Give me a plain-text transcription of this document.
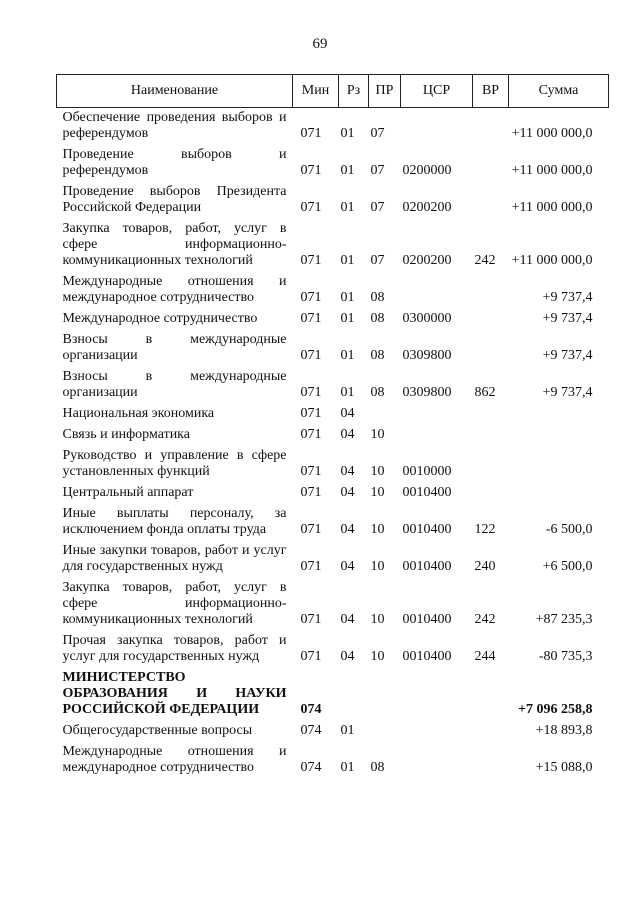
69
Наименование	Мин	Рз	ПР	ЦСР	ВР	Сумма
Обеспечение проведения выборов и референдумов	071	01	07			+11 000 000,0
Проведение выборов и референдумов	071	01	07	0200000		+11 000 000,0
Проведение выборов Президента Российской Федерации	071	01	07	0200200		+11 000 000,0
Закупка товаров, работ, услуг в сфере информационно-коммуникационных технологий	071	01	07	0200200	242	+11 000 000,0
Международные отношения и международное сотрудничество	071	01	08			+9 737,4
Международное сотрудничество	071	01	08	0300000		+9 737,4
Взносы в международные организации	071	01	08	0309800		+9 737,4
Взносы в международные организации	071	01	08	0309800	862	+9 737,4
Национальная экономика	071	04				
Связь и информатика	071	04	10			
Руководство и управление в сфере установленных функций	071	04	10	0010000		
Центральный аппарат	071	04	10	0010400		
Иные выплаты персоналу, за исключением фонда оплаты труда	071	04	10	0010400	122	-6 500,0
Иные закупки товаров, работ и услуг для государственных нужд	071	04	10	0010400	240	+6 500,0
Закупка товаров, работ, услуг в сфере информационно-коммуникационных технологий	071	04	10	0010400	242	+87 235,3
Прочая закупка товаров, работ и услуг для государственных нужд	071	04	10	0010400	244	-80 735,3
МИНИСТЕРСТВО ОБРАЗОВАНИЯ И НАУКИ РОССИЙСКОЙ ФЕДЕРАЦИИ	074					+7 096 258,8
Общегосударственные вопросы	074	01				+18 893,8
Международные отношения и международное сотрудничество	074	01	08			+15 088,0
